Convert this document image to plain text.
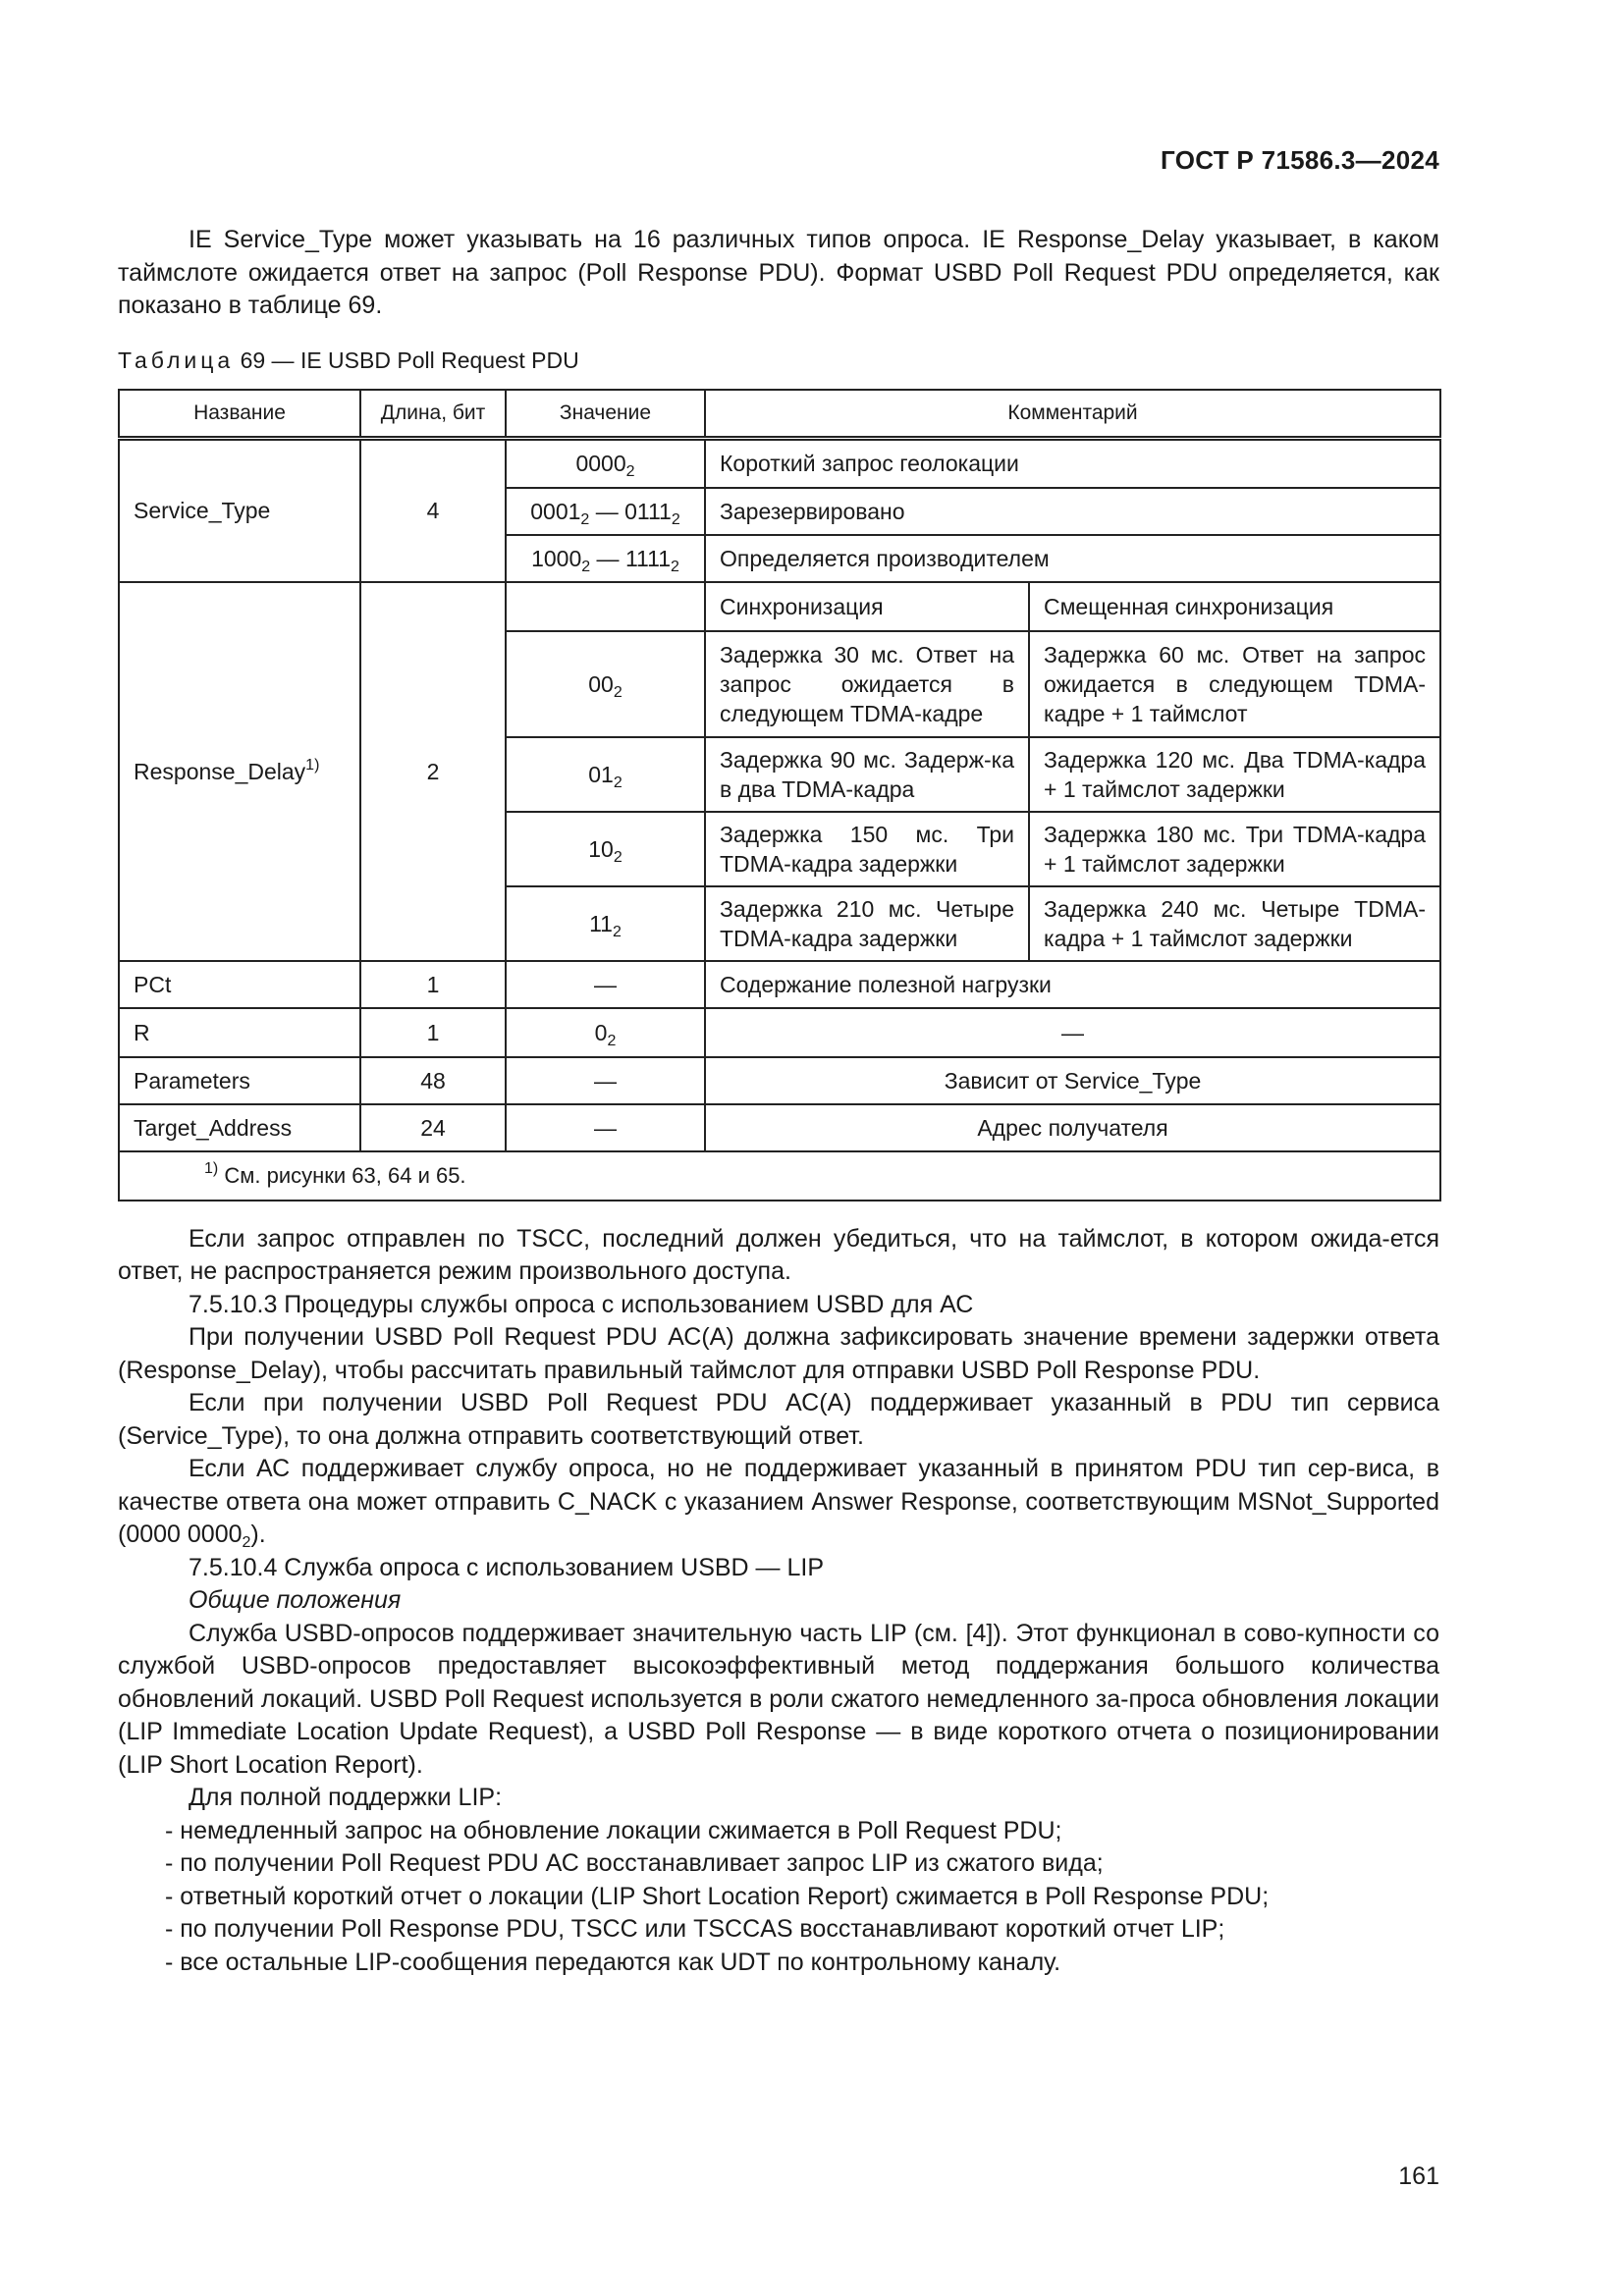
ГОСТ Р 71586.3—2024

IE Service_Type может указывать на 16 различных типов опроса. IE Response_Delay указывает, в каком таймслоте ожидается ответ на запрос (Poll Response PDU). Формат USBD Poll Request PDU определяется, как показано в таблице 69.

Таблица 69 — IE USBD Poll Request PDU
Название	Длина, бит	Значение	Комментарий
Service_Type	4	$0000_2$	Короткий запрос геолокации
$0001_2$ — $0111_2$	Зарезервировано
$1000_2$ — $1111_2$	Определяется производителем
Response_Delay$^{1)}$	2		Синхронизация	Смещенная синхронизация
$00_2$	Задержка 30 мс. Ответ на запрос ожидается в следующем TDMA-кадре	Задержка 60 мс. Ответ на запрос ожидается в следующем TDMA-кадре + 1 таймслот
$01_2$	Задержка 90 мс. Задерж-ка в два TDMA-кадра	Задержка 120 мс. Два TDMA-кадра + 1 таймслот задержки
$10_2$	Задержка 150 мс. Три TDMA-кадра задержки	Задержка 180 мс. Три TDMA-кадра + 1 таймслот задержки
$11_2$	Задержка 210 мс. Четыре TDMA-кадра задержки	Задержка 240 мс. Четыре TDMA-кадра + 1 таймслот задержки
PCt	1	—	Содержание полезной нагрузки
R	1	$0_2$	—
Parameters	48	—	Зависит от Service_Type
Target_Address	24	—	Адрес получателя
$^{1)}$ См. рисунки 63, 64 и 65.

Если запрос отправлен по TSCC, последний должен убедиться, что на таймслот, в котором ожида-ется ответ, не распространяется режим произвольного доступа.

7.5.10.3 Процедуры службы опроса с использованием USBD для АС

При получении USBD Poll Request PDU АС(А) должна зафиксировать значение времени задержки ответа (Response_Delay), чтобы рассчитать правильный таймслот для отправки USBD Poll Response PDU.

Если при получении USBD Poll Request PDU АС(А) поддерживает указанный в PDU тип сервиса (Service_Type), то она должна отправить соответствующий ответ.

Если АС поддерживает службу опроса, но не поддерживает указанный в принятом PDU тип сер-виса, в качестве ответа она может отправить C_NACK с указанием Answer Response, соответствующим MSNot_Supported (0000 $0000_2$).

7.5.10.4 Служба опроса с использованием USBD — LIP

Общие положения

Служба USBD-опросов поддерживает значительную часть LIP (см. [4]). Этот функционал в сово-купности со службой USBD-опросов предоставляет высокоэффективный метод поддержания большого количества обновлений локаций. USBD Poll Request используется в роли сжатого немедленного за-проса обновления локации (LIP Immediate Location Update Request), а USBD Poll Response — в виде короткого отчета о позиционировании (LIP Short Location Report).

Для полной поддержки LIP:

- немедленный запрос на обновление локации сжимается в Poll Request PDU;
- по получении Poll Request PDU АС восстанавливает запрос LIP из сжатого вида;
- ответный короткий отчет о локации (LIP Short Location Report) сжимается в Poll Response PDU;
- по получении Poll Response PDU, TSCC или TSCCAS восстанавливают короткий отчет LIP;
- все остальные LIP-сообщения передаются как UDT по контрольному каналу.
161
